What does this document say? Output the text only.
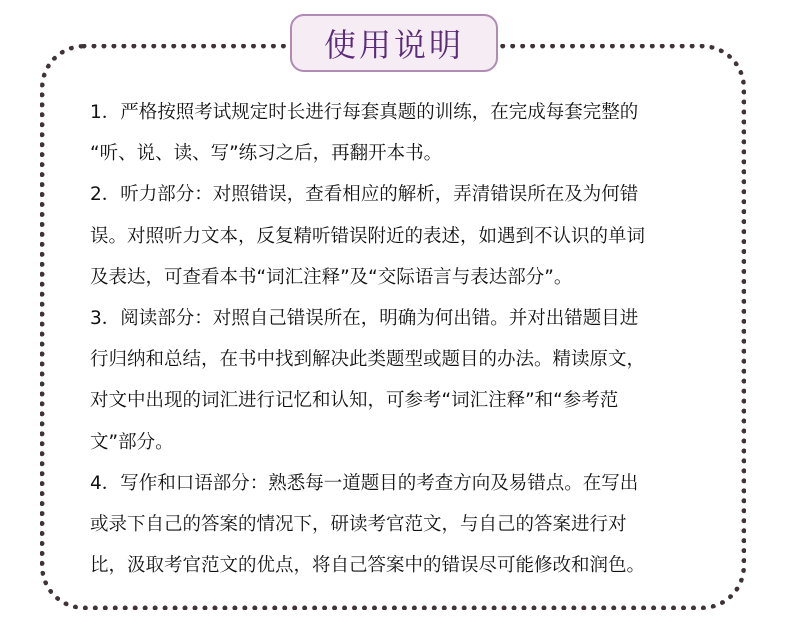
使用说明
1．严格按照考试规定时长进行每套真题的训练，在完成每套完整的
“听、说、读、写”练习之后，再翻开本书。
2．听力部分：对照错误，查看相应的解析，弄清错误所在及为何错
误。对照听力文本，反复精听错误附近的表述，如遇到不认识的单词
及表达，可查看本书“词汇注释”及“交际语言与表达部分”。
3．阅读部分：对照自己错误所在，明确为何出错。并对出错题目进
行归纳和总结，在书中找到解决此类题型或题目的办法。精读原文，
对文中出现的词汇进行记忆和认知，可参考“词汇注释”和“参考范
文”部分。
4．写作和口语部分：熟悉每一道题目的考查方向及易错点。在写出
或录下自己的答案的情况下，研读考官范文，与自己的答案进行对
比，汲取考官范文的优点，将自己答案中的错误尽可能修改和润色。
